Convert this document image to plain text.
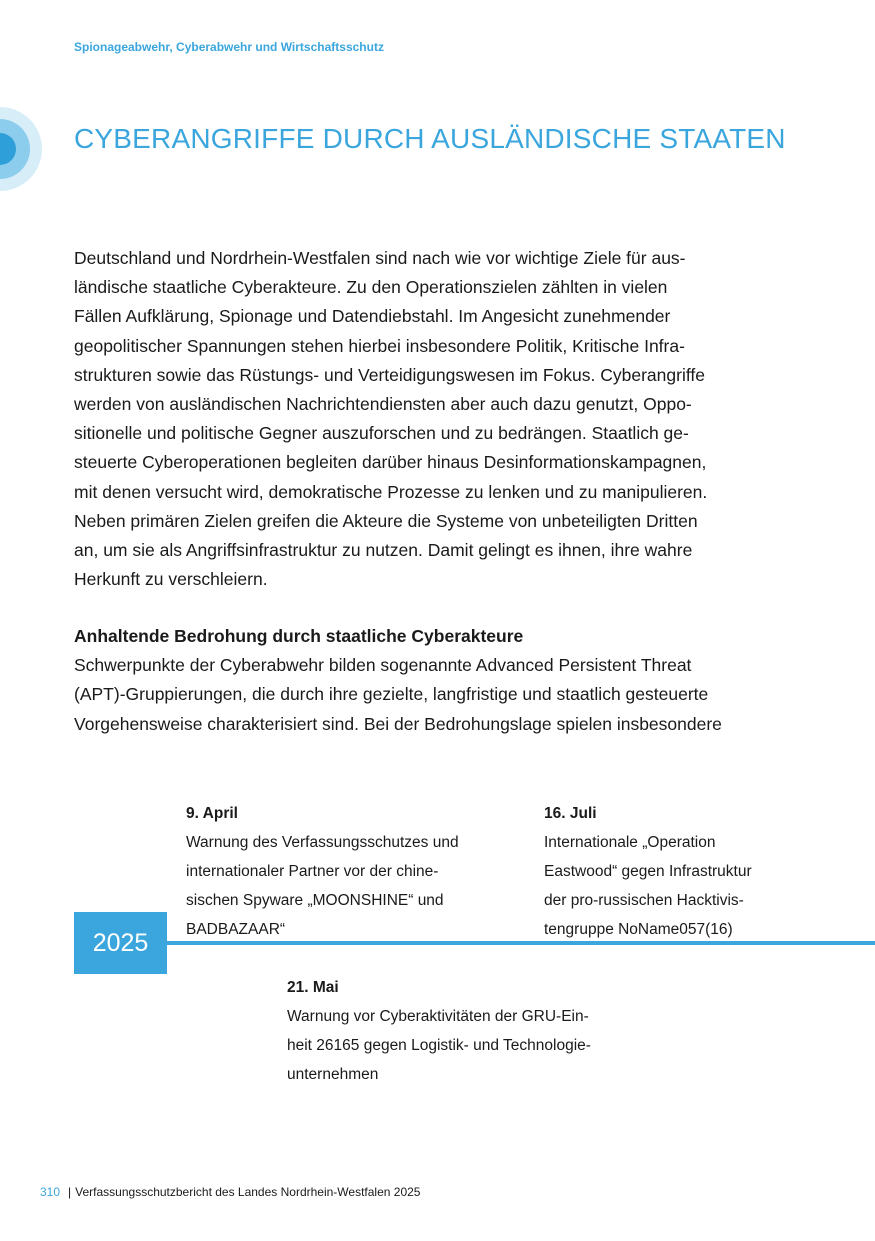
Spionageabwehr, Cyberabwehr und Wirtschaftsschutz
CYBERANGRIFFE DURCH AUSLÄNDISCHE STAATEN
Deutschland und Nordrhein-Westfalen sind nach wie vor wichtige Ziele für aus-
ländische staatliche Cyberakteure. Zu den Operationszielen zählten in vielen
Fällen Aufklärung, Spionage und Datendiebstahl. Im Angesicht zunehmender
geopolitischer Spannungen stehen hierbei insbesondere Politik, Kritische Infra-
strukturen sowie das Rüstungs- und Verteidigungswesen im Fokus. Cyberangriffe
werden von ausländischen Nachrichtendiensten aber auch dazu genutzt, Oppo-
sitionelle und politische Gegner auszuforschen und zu bedrängen. Staatlich ge-
steuerte Cyberoperationen begleiten darüber hinaus Desinformationskampagnen,
mit denen versucht wird, demokratische Prozesse zu lenken und zu manipulieren.
Neben primären Zielen greifen die Akteure die Systeme von unbeteiligten Dritten
an, um sie als Angriffsinfrastruktur zu nutzen. Damit gelingt es ihnen, ihre wahre
Herkunft zu verschleiern.
Anhaltende Bedrohung durch staatliche Cyberakteure
Schwerpunkte der Cyberabwehr bilden sogenannte Advanced Persistent Threat
(APT)-Gruppierungen, die durch ihre gezielte, langfristige und staatlich gesteuerte
Vorgehensweise charakterisiert sind. Bei der Bedrohungslage spielen insbesondere
2025
9. April
Warnung des Verfassungsschutzes und
internationaler Partner vor der chine-
sischen Spyware „MOONSHINE“ und
BADBAZAAR“
16. Juli
Internationale „Operation
Eastwood“ gegen Infrastruktur
der pro-russischen Hacktivis-
tengruppe NoName057(16)
21. Mai
Warnung vor Cyberaktivitäten der GRU-Ein-
heit 26165 gegen Logistik- und Technologie-
unternehmen
310 | Verfassungsschutzbericht des Landes Nordrhein-Westfalen 2025
